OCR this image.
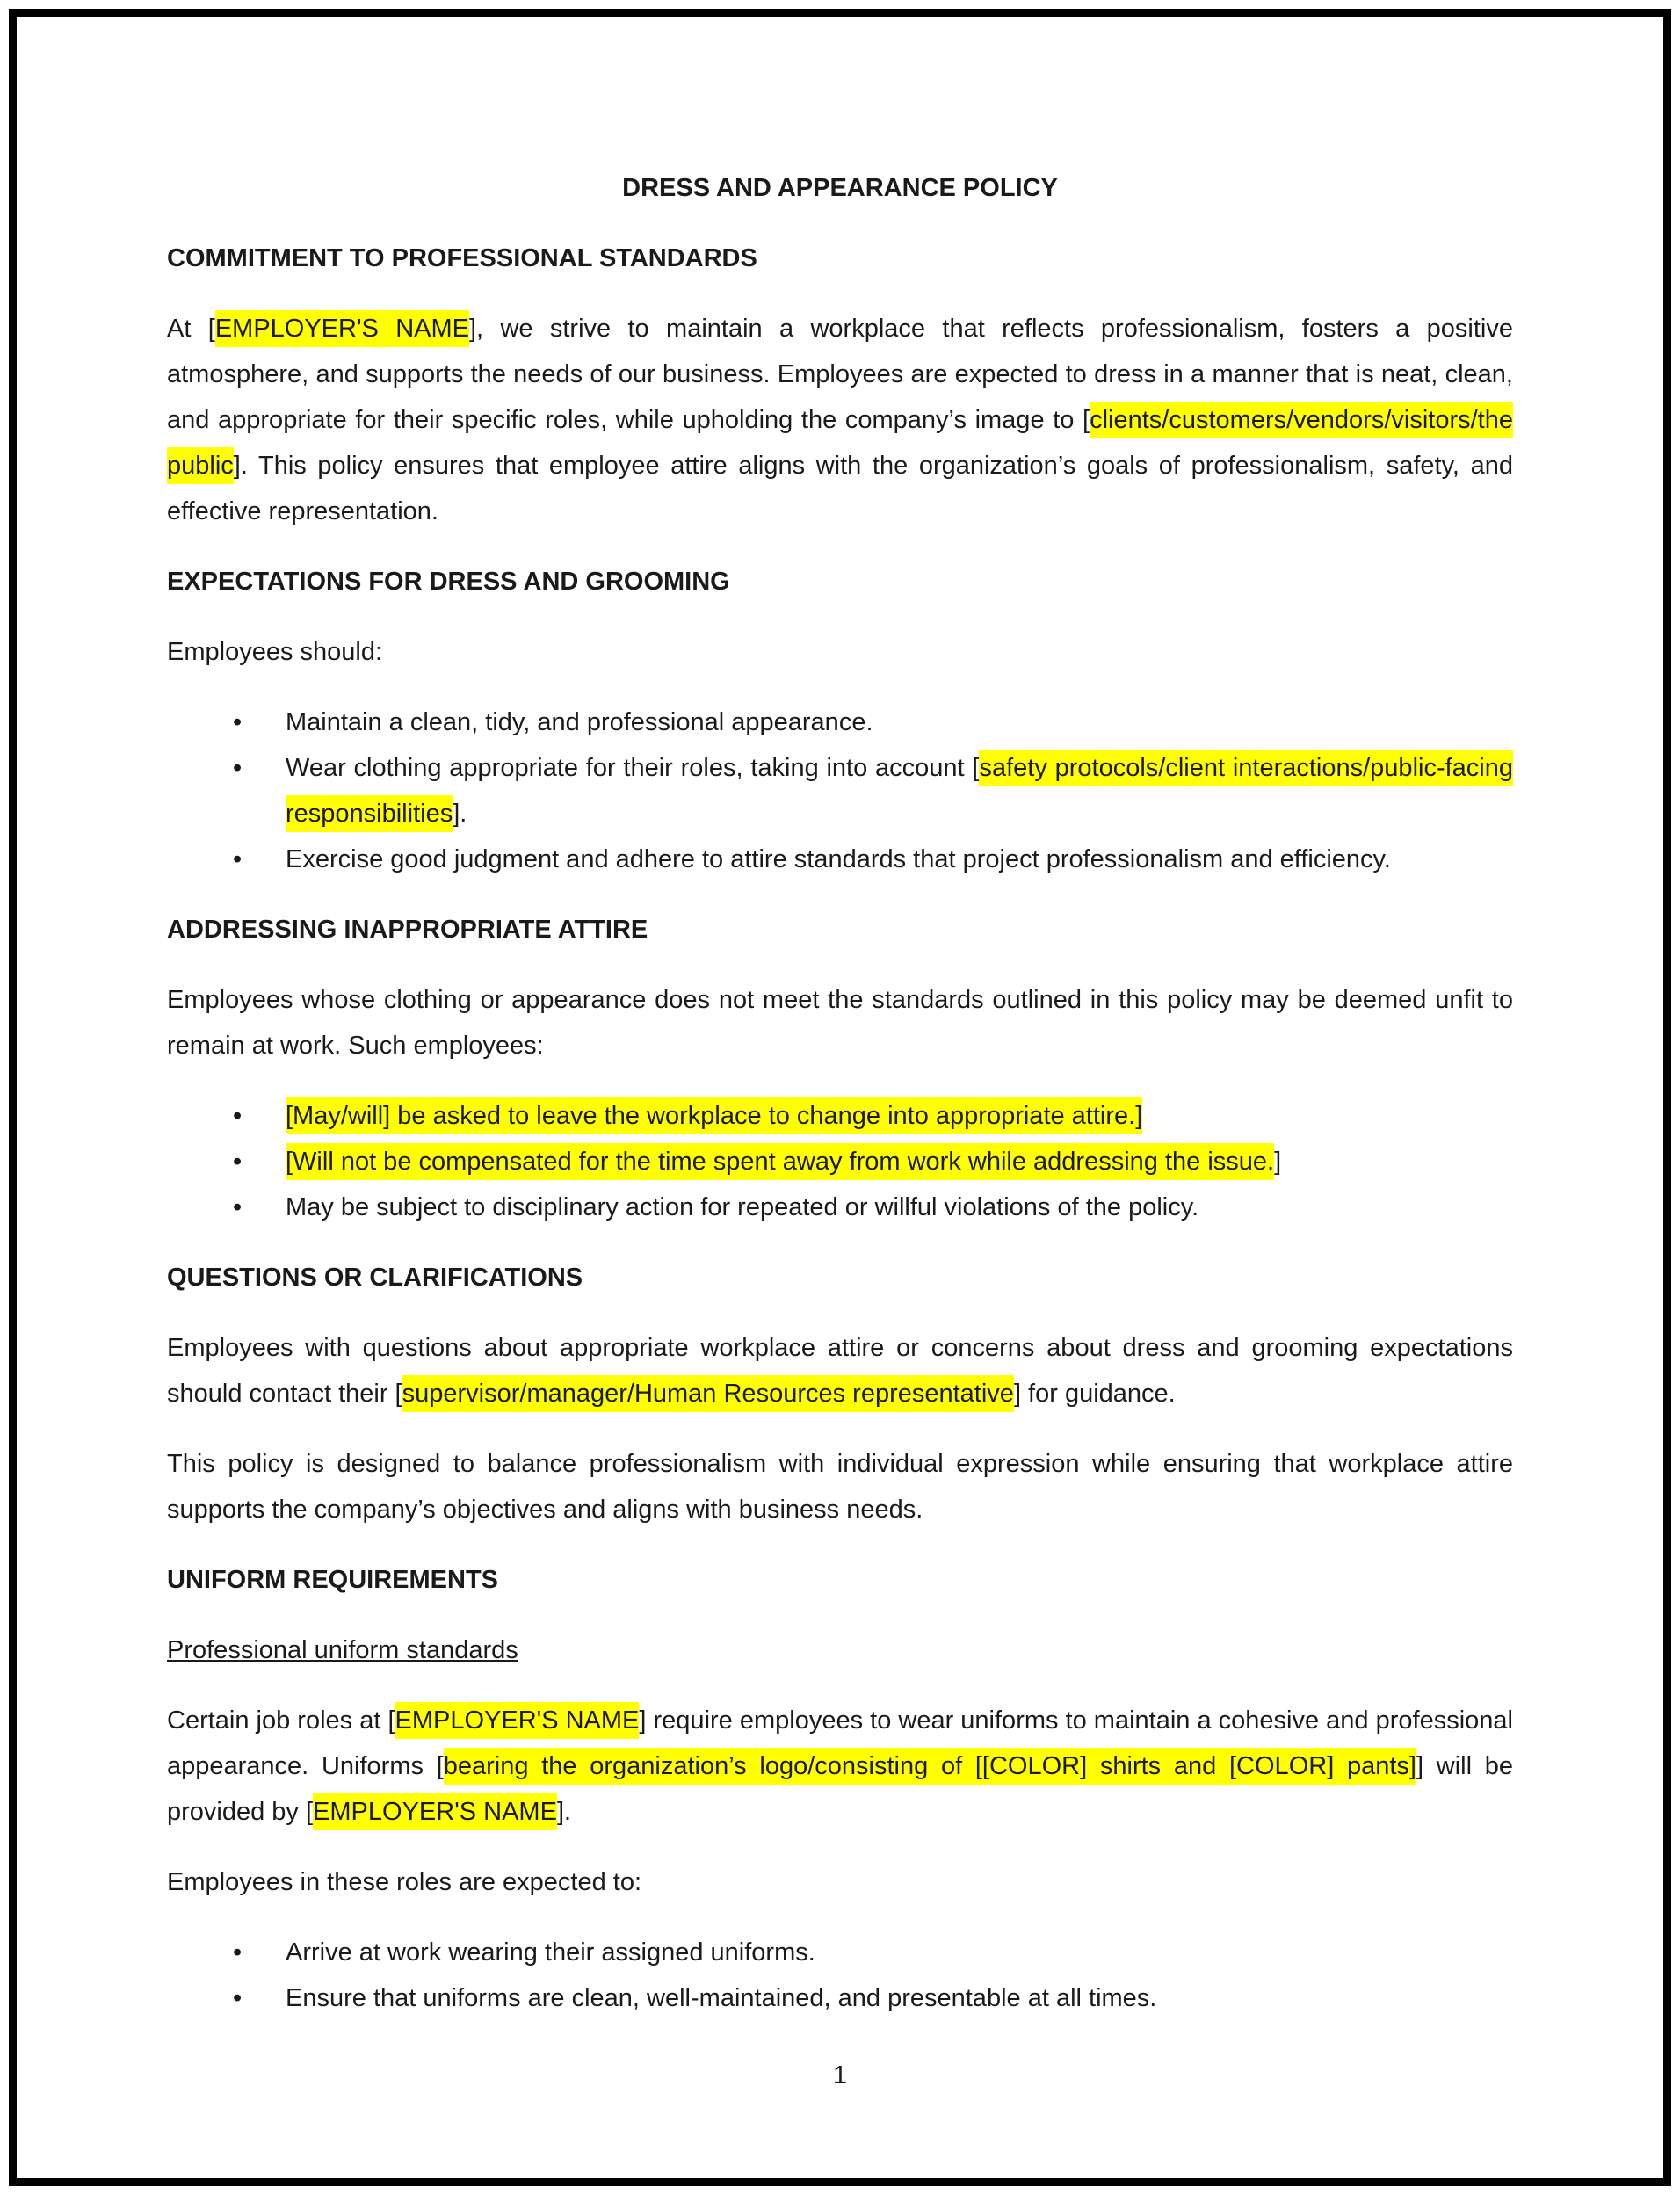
DRESS AND APPEARANCE POLICY
COMMITMENT TO PROFESSIONAL STANDARDS

At [EMPLOYER'S NAME], we strive to maintain a workplace that reflects professionalism, fosters a positive atmosphere, and supports the needs of our business. Employees are expected to dress in a manner that is neat, clean, and appropriate for their specific roles, while upholding the company’s image to [clients/customers/vendors/visitors/the public]. This policy ensures that employee attire aligns with the organization’s goals of professionalism, safety, and effective representation.

EXPECTATIONS FOR DRESS AND GROOMING

Employees should:

• Maintain a clean, tidy, and professional appearance.
• Wear clothing appropriate for their roles, taking into account [safety protocols/client interactions/public-facing responsibilities].
• Exercise good judgment and adhere to attire standards that project professionalism and efficiency.
ADDRESSING INAPPROPRIATE ATTIRE

Employees whose clothing or appearance does not meet the standards outlined in this policy may be deemed unfit to remain at work. Such employees:

• [May/will] be asked to leave the workplace to change into appropriate attire.]
• [Will not be compensated for the time spent away from work while addressing the issue.]
• May be subject to disciplinary action for repeated or willful violations of the policy.
QUESTIONS OR CLARIFICATIONS

Employees with questions about appropriate workplace attire or concerns about dress and grooming expectations should contact their [supervisor/manager/Human Resources representative] for guidance.

This policy is designed to balance professionalism with individual expression while ensuring that workplace attire supports the company’s objectives and aligns with business needs.

UNIFORM REQUIREMENTS
Professional uniform standards

Certain job roles at [EMPLOYER'S NAME] require employees to wear uniforms to maintain a cohesive and professional appearance. Uniforms [bearing the organization’s logo/consisting of [[COLOR] shirts and [COLOR] pants]] will be provided by [EMPLOYER'S NAME].

Employees in these roles are expected to:

• Arrive at work wearing their assigned uniforms.
• Ensure that uniforms are clean, well-maintained, and presentable at all times.
1
